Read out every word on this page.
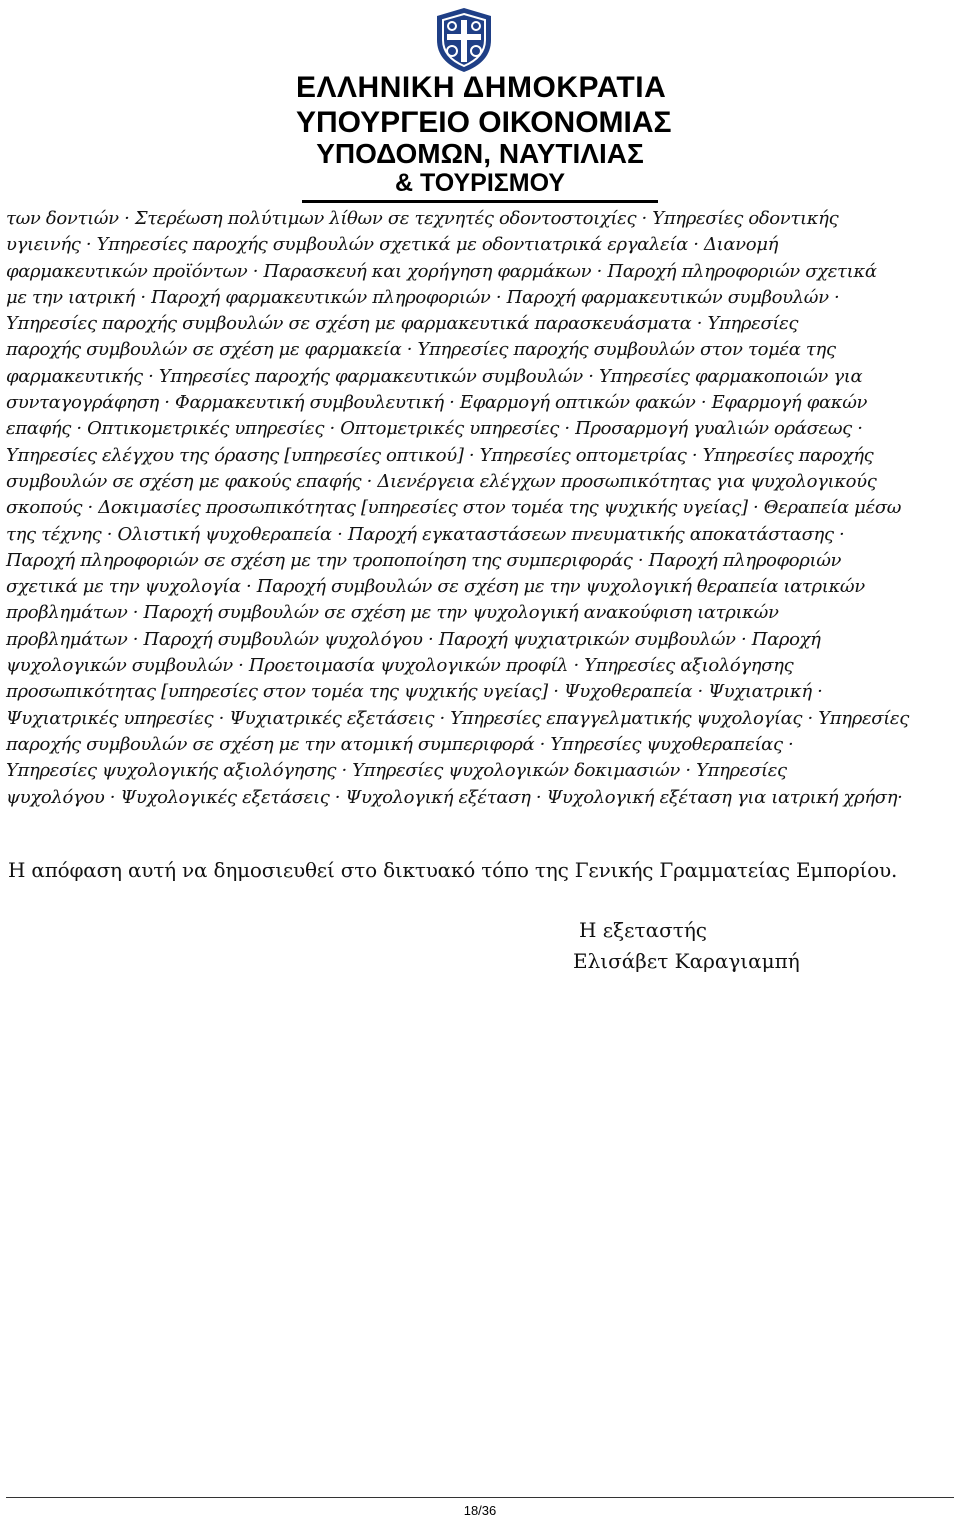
ΕΛΛΗΝΙΚΗ ΔΗΜΟΚΡΑΤΙΑ
ΥΠΟΥΡΓΕΙΟ ΟΙΚΟΝΟΜΙΑΣ
ΥΠΟΔΟΜΩΝ, ΝΑΥΤΙΛΙΑΣ
& ΤΟΥΡΙΣΜΟΥ

των δοντιών · Στερέωση πολύτιμων λίθων σε τεχνητές οδοντοστοιχίες · Υπηρεσίες οδοντικής
υγιεινής · Υπηρεσίες παροχής συμβουλών σχετικά με οδοντιατρικά εργαλεία · Διανομή
φαρμακευτικών προϊόντων · Παρασκευή και χορήγηση φαρμάκων · Παροχή πληροφοριών σχετικά
με την ιατρική · Παροχή φαρμακευτικών πληροφοριών · Παροχή φαρμακευτικών συμβουλών ·
Υπηρεσίες παροχής συμβουλών σε σχέση με φαρμακευτικά παρασκευάσματα · Υπηρεσίες
παροχής συμβουλών σε σχέση με φαρμακεία · Υπηρεσίες παροχής συμβουλών στον τομέα της
φαρμακευτικής · Υπηρεσίες παροχής φαρμακευτικών συμβουλών · Υπηρεσίες φαρμακοποιών για
συνταγογράφηση · Φαρμακευτική συμβουλευτική · Εφαρμογή οπτικών φακών · Εφαρμογή φακών
επαφής · Οπτικομετρικές υπηρεσίες · Οπτομετρικές υπηρεσίες · Προσαρμογή γυαλιών οράσεως ·
Υπηρεσίες ελέγχου της όρασης [υπηρεσίες οπτικού] · Υπηρεσίες οπτομετρίας · Υπηρεσίες παροχής
συμβουλών σε σχέση με φακούς επαφής · Διενέργεια ελέγχων προσωπικότητας για ψυχολογικούς
σκοπούς · Δοκιμασίες προσωπικότητας [υπηρεσίες στον τομέα της ψυχικής υγείας] · Θεραπεία μέσω
της τέχνης · Ολιστική ψυχοθεραπεία · Παροχή εγκαταστάσεων πνευματικής αποκατάστασης ·
Παροχή πληροφοριών σε σχέση με την τροποποίηση της συμπεριφοράς · Παροχή πληροφοριών
σχετικά με την ψυχολογία · Παροχή συμβουλών σε σχέση με την ψυχολογική θεραπεία ιατρικών
προβλημάτων · Παροχή συμβουλών σε σχέση με την ψυχολογική ανακούφιση ιατρικών
προβλημάτων · Παροχή συμβουλών ψυχολόγου · Παροχή ψυχιατρικών συμβουλών · Παροχή
ψυχολογικών συμβουλών · Προετοιμασία ψυχολογικών προφίλ · Υπηρεσίες αξιολόγησης
προσωπικότητας [υπηρεσίες στον τομέα της ψυχικής υγείας] · Ψυχοθεραπεία · Ψυχιατρική ·
Ψυχιατρικές υπηρεσίες · Ψυχιατρικές εξετάσεις · Υπηρεσίες επαγγελματικής ψυχολογίας · Υπηρεσίες
παροχής συμβουλών σε σχέση με την ατομική συμπεριφορά · Υπηρεσίες ψυχοθεραπείας ·
Υπηρεσίες ψυχολογικής αξιολόγησης · Υπηρεσίες ψυχολογικών δοκιμασιών · Υπηρεσίες
ψυχολόγου · Ψυχολογικές εξετάσεις · Ψυχολογική εξέταση · Ψυχολογική εξέταση για ιατρική χρήση·

Η απόφαση αυτή να δημοσιευθεί στο δικτυακό τόπο της Γενικής Γραμματείας Εμπορίου.

Η εξεταστής
Ελισάβετ Καραγιαμπή
18/36
